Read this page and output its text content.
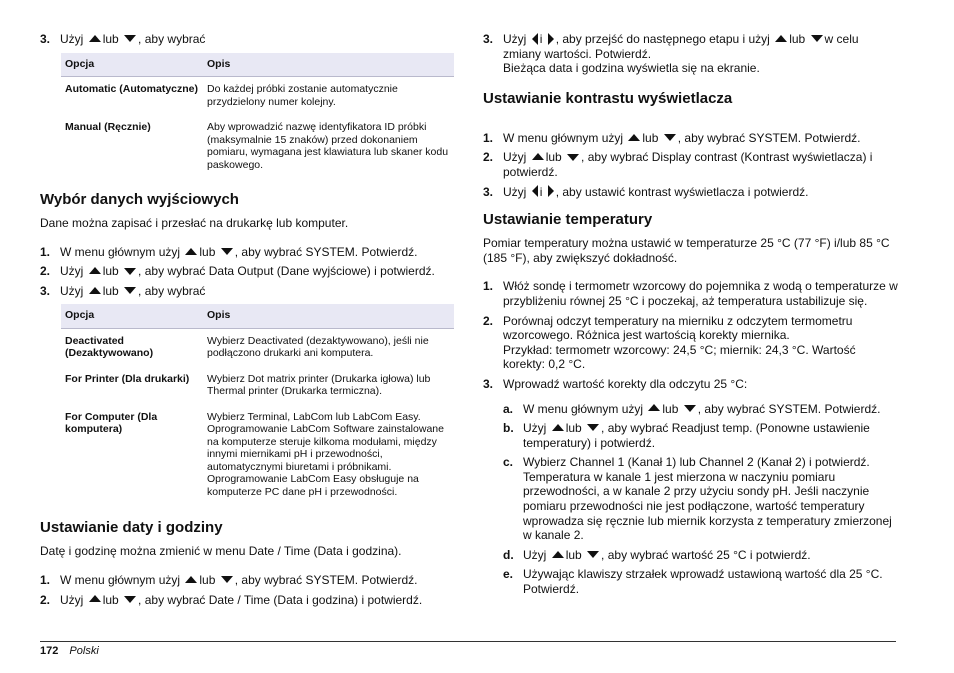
3. Użyj lub , aby wybrać
Opcja	Opis
Automatic (Automatyczne)	Do każdej próbki zostanie automatycznie przydzielony numer kolejny.
Manual (Ręcznie)	Aby wprowadzić nazwę identyfikatora ID próbki (maksymalnie 15 znaków) przed dokonaniem pomiaru, wymagana jest klawiatura lub skaner kodu paskowego.
Wybór danych wyjściowych

Dane można zapisać i przesłać na drukarkę lub komputer.

1. W menu głównym użyj lub , aby wybrać SYSTEM. Potwierdź.
2. Użyj lub , aby wybrać Data Output (Dane wyjściowe) i potwierdź.
3. Użyj lub , aby wybrać
Opcja	Opis
Deactivated (Dezaktywowano)	Wybierz Deactivated (dezaktywowano), jeśli nie podłączono drukarki ani komputera.
For Printer (Dla drukarki)	Wybierz Dot matrix printer (Drukarka igłowa) lub Thermal printer (Drukarka termiczna).
For Computer (Dla komputera)	Wybierz Terminal, LabCom lub LabCom Easy. Oprogramowanie LabCom Software zainstalowane na komputerze steruje kilkoma modułami, między innymi miernikami pH i przewodności, automatycznymi biuretami i próbnikami. Oprogramowanie LabCom Easy obsługuje na komputerze PC dane pH i przewodności.
Ustawianie daty i godziny

Datę i godzinę można zmienić w menu Date / Time (Data i godzina).

1. W menu głównym użyj lub , aby wybrać SYSTEM. Potwierdź.
2. Użyj lub , aby wybrać Date / Time (Data i godzina) i potwierdź.
3. Użyj i , aby przejść do następnego etapu i użyj lub w celu zmiany wartości. Potwierdź.
Bieżąca data i godzina wyświetla się na ekranie.
Ustawianie kontrastu wyświetlacza
1. W menu głównym użyj lub , aby wybrać SYSTEM. Potwierdź.
2. Użyj lub , aby wybrać Display contrast (Kontrast wyświetlacza) i potwierdź.
3. Użyj i , aby ustawić kontrast wyświetlacza i potwierdź.
Ustawianie temperatury

Pomiar temperatury można ustawić w temperaturze 25 °C (77 °F) i/lub 85 °C (185 °F), aby zwiększyć dokładność.

1. Włóż sondę i termometr wzorcowy do pojemnika z wodą o temperaturze w przybliżeniu równej 25 °C i poczekaj, aż temperatura ustabilizuje się.
2. Porównaj odczyt temperatury na mierniku z odczytem termometru wzorcowego. Różnica jest wartością korekty miernika.
Przykład: termometr wzorcowy: 24,5 °C; miernik: 24,3 °C. Wartość korekty: 0,2 °C.
3. Wprowadź wartość korekty dla odczytu 25 °C:
a. W menu głównym użyj lub , aby wybrać SYSTEM. Potwierdź.
b. Użyj lub , aby wybrać Readjust temp. (Ponowne ustawienie temperatury) i potwierdź.
c. Wybierz Channel 1 (Kanał 1) lub Channel 2 (Kanał 2) i potwierdź. Temperatura w kanale 1 jest mierzona w naczyniu pomiaru przewodności, a w kanale 2 przy użyciu sondy pH. Jeśli naczynie pomiaru przewodności nie jest podłączone, wartość temperatury wprowadza się ręcznie lub miernik korzysta z temperatury zmierzonej w kanale 2.
d. Użyj lub , aby wybrać wartość 25 °C i potwierdź.
e. Używając klawiszy strzałek wprowadź ustawioną wartość dla 25 °C. Potwierdź.
172 Polski
